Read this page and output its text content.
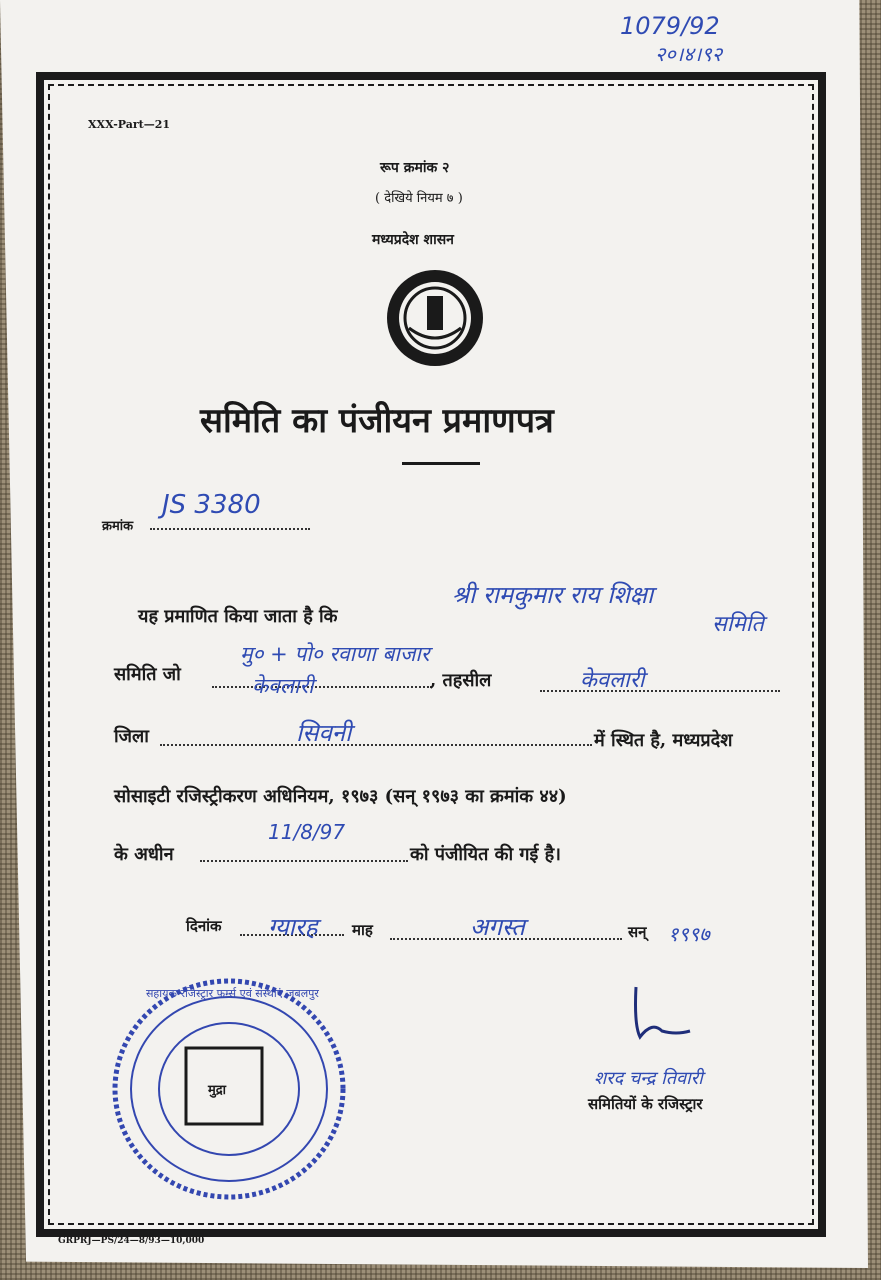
1079/92
२०।४।९२
XXX-Part—21
रूप क्रमांक २
( देखिये नियम ७ )
मध्यप्रदेश शासन
समिति का पंजीयन प्रमाणपत्र
क्रमांक
JS 3380
यह प्रमाणित किया जाता है कि
श्री रामकुमार राय शिक्षा
समिति
समिति जो
मु० + पो० रवाणा बाजार
केवलारी	, तहसील	केवलारी
जिला	सिवनी	में स्थित है, मध्यप्रदेश
सोसाइटी रजिस्ट्रीकरण अधिनियम, १९७३ (सन् १९७३ का क्रमांक ४४)
के अधीन
11/8/97
को पंजीयित की गई है।
दिनांक ग्यारह माह	अगस्त	सन् १९९७
शरद चन्द्र तिवारी
समितियों के रजिस्ट्रार
सहायक रजिस्ट्रार फर्म्स एवं संस्थाएं जबलपुर
मुद्रा
GRPRJ—PS/24—8/93—10,000
